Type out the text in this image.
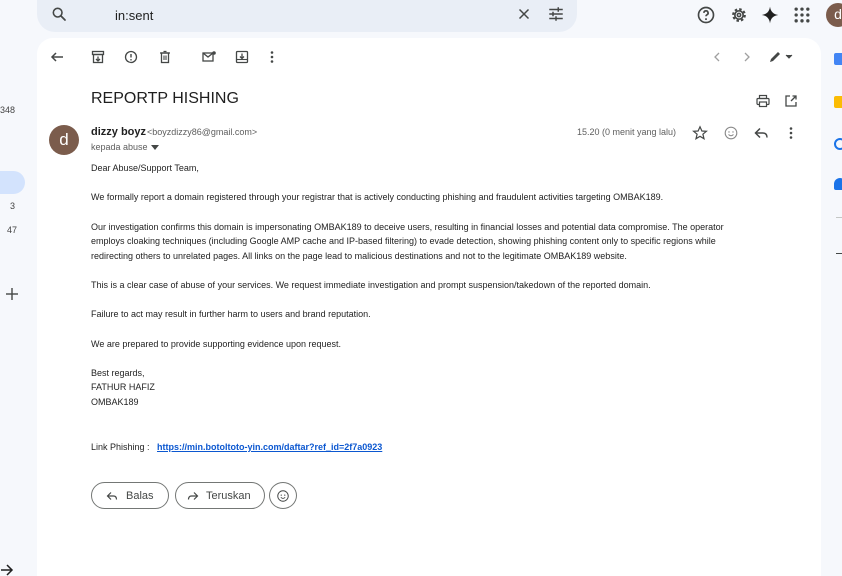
in:sent	d
348
3
47
REPORTP HISHING
d	dizzy boyz <boyzdizzy86@gmail.com>
kepada abuse
15.20 (0 menit yang lalu)
Dear Abuse/Support Team,
We formally report a domain registered through your registrar that is actively conducting phishing and fraudulent activities targeting OMBAK189.
Our investigation confirms this domain is impersonating OMBAK189 to deceive users, resulting in financial losses and potential data compromise. The operator
employs cloaking techniques (including Google AMP cache and IP-based filtering) to evade detection, showing phishing content only to specific regions while
redirecting others to unrelated pages. All links on the page lead to malicious destinations and not to the legitimate OMBAK189 website.
This is a clear case of abuse of your services. We request immediate investigation and prompt suspension/takedown of the reported domain.
Failure to act may result in further harm to users and brand reputation.
We are prepared to provide supporting evidence upon request.
Best regards,
FATHUR HAFIZ
OMBAK189
Link Phishing : https://min.botoltoto-yin.com/daftar?ref_id=2f7a0923
Balas	Teruskan
